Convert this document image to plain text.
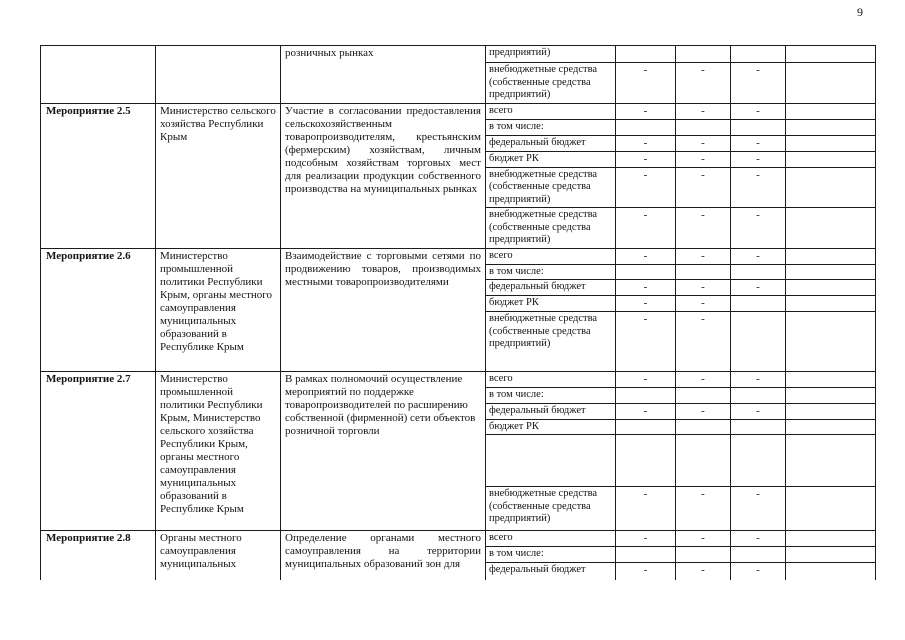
9
		розничных рынках	предприятий)				
			внебюджетные средства (собственные средства предприятий)	-	-	-	
Мероприятие 2.5	Министерство сельского хозяйства Республики Крым	Участие в согласовании предоставления сельскохозяйственным товаропроизводителям, крестьянским (фермерским) хозяйствам, личным подсобным хозяйствам торговых мест для реализации продукции собственного производства на муниципальных рынках	всего	-	-	-	
			в том числе:				
			федеральный бюджет	-	-	-	
			бюджет РК	-	-	-	
			внебюджетные средства (собственные средства предприятий)	-	-	-	
			внебюджетные средства (собственные средства предприятий)	-	-	-	
Мероприятие 2.6	Министерство промышленной политики Республики Крым, органы местного самоуправления муниципальных образований в Республике Крым	Взаимодействие с торговыми сетями по продвижению товаров, производимых местными товаропроизводителями	всего	-	-	-	
			в том числе:				
			федеральный бюджет	-	-	-	
			бюджет РК	-	-		
			внебюджетные средства (собственные средства предприятий)	-	-		
Мероприятие 2.7	Министерство промышленной политики Республики Крым, Министерство сельского хозяйства Республики Крым, органы местного самоуправления муниципальных образований в Республике Крым	В рамках полномочий осуществление мероприятий по поддержке товаропроизводителей по расширению собственной (фирменной) сети объектов розничной торговли	всего	-	-	-	
			в том числе:				
			федеральный бюджет	-	-	-	
			бюджет РК				

			внебюджетные средства (собственные средства предприятий)	-	-	-	
Мероприятие 2.8	Органы местного самоуправления муниципальных	Определение органами местного самоуправления на территории муниципальных образований зон для	всего	-	-	-	
			в том числе:				
			федеральный бюджет	-	-	-	
